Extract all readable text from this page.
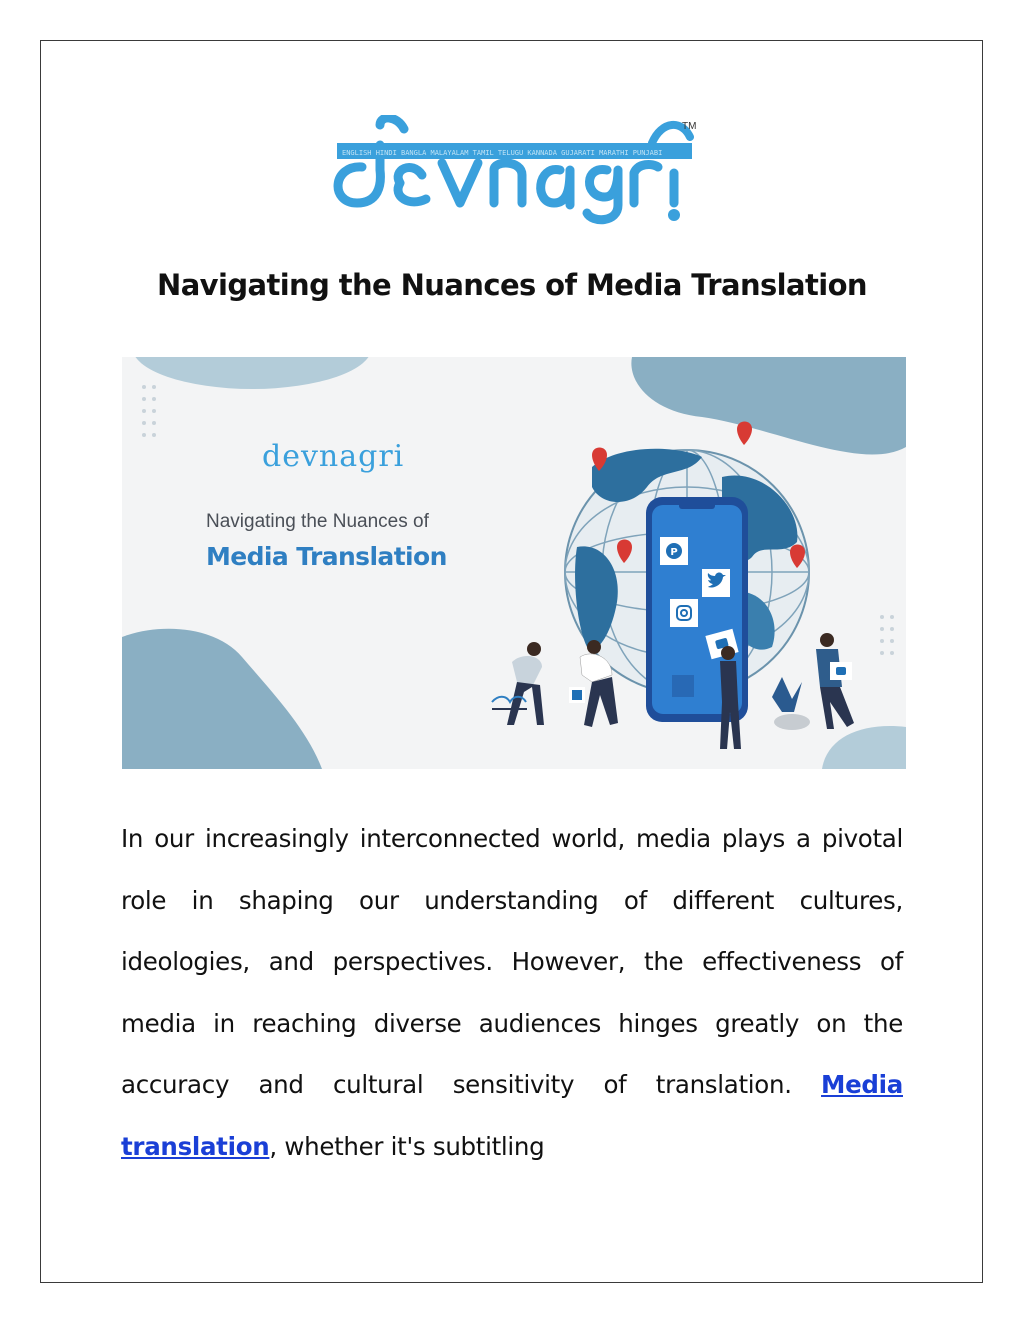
ENGLISH HINDI BANGLA MALAYALAM TAMIL TELUGU KANNADA GUJARATI MARATHI PUNJABI
TM
Navigating the Nuances of Media Translation
P
devnagri
Navigating the Nuances of
Media Translation

In our increasingly interconnected world, media plays a pivotal role in shaping our understanding of different cultures, ideologies, and perspectives. However, the effectiveness of media in reaching diverse audiences hinges greatly on the accuracy and cultural sensitivity of translation. Media translation, whether it's subtitling
